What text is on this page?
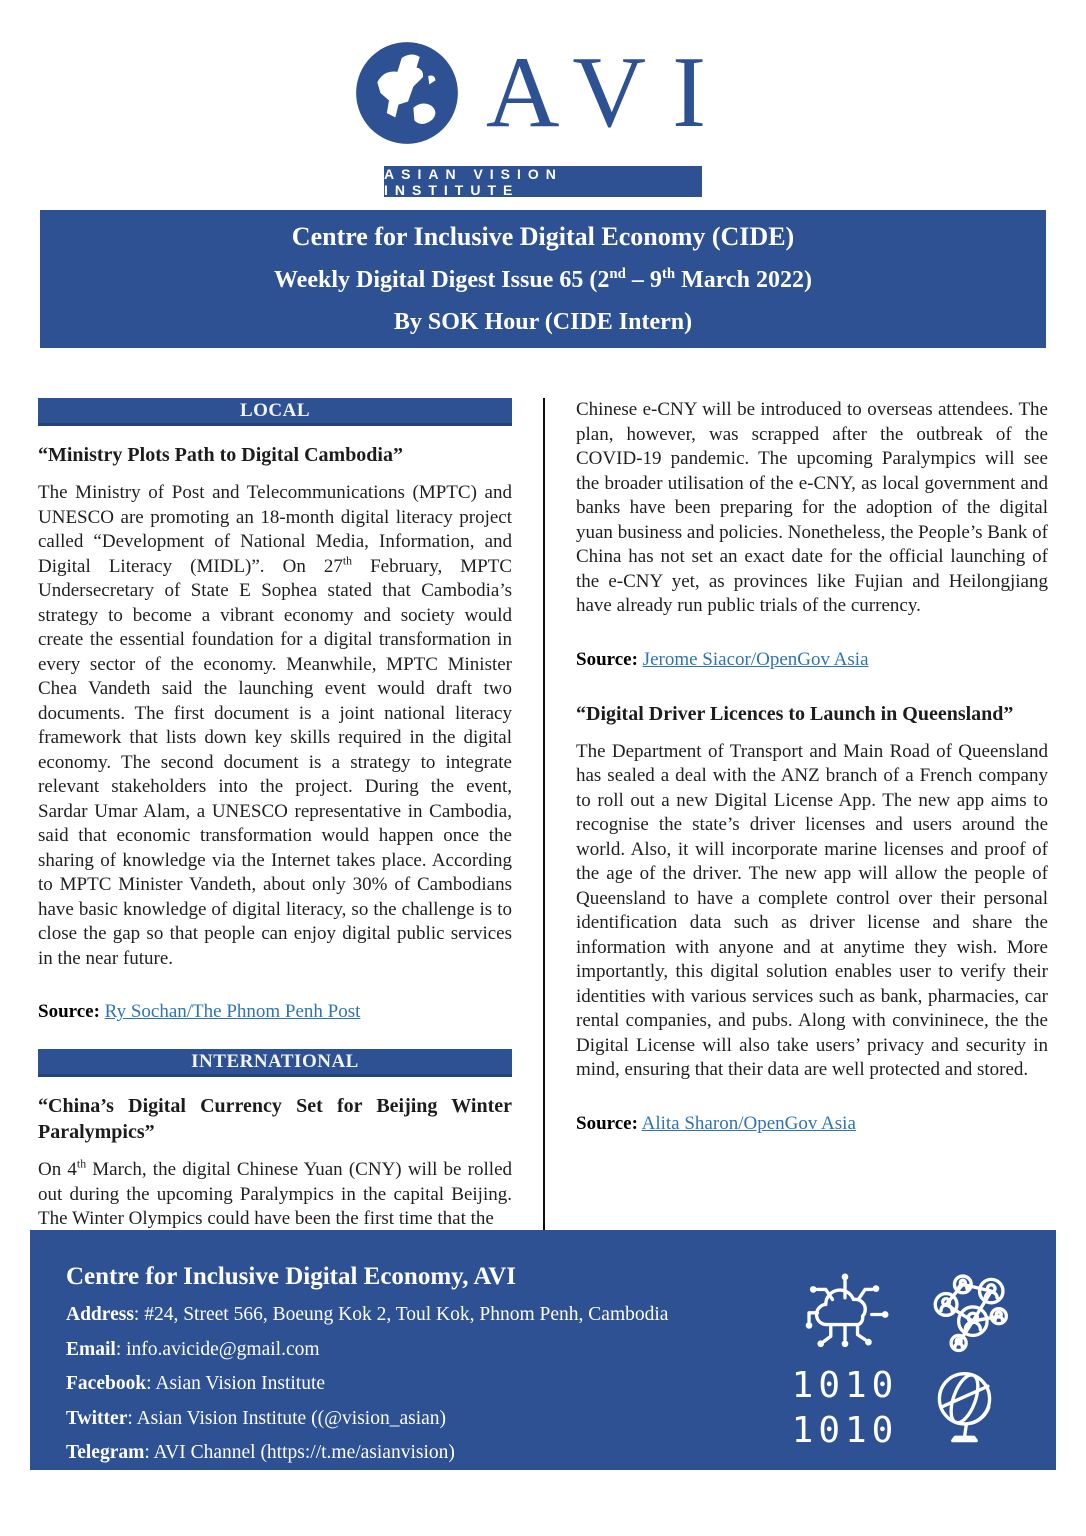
AVI
ASIAN VISION INSTITUTE
Centre for Inclusive Digital Economy (CIDE)
Weekly Digital Digest Issue 65 (2nd – 9th March 2022)
By SOK Hour (CIDE Intern)
LOCAL
“Ministry Plots Path to Digital Cambodia”
The Ministry of Post and Telecommunications (MPTC) and UNESCO are promoting an 18-month digital literacy project called “Development of National Media, Information, and Digital Literacy (MIDL)”. On 27th February, MPTC Undersecretary of State E Sophea stated that Cambodia’s strategy to become a vibrant economy and society would create the essential foundation for a digital transformation in every sector of the economy. Meanwhile, MPTC Minister Chea Vandeth said the launching event would draft two documents. The first document is a joint national literacy framework that lists down key skills required in the digital economy. The second document is a strategy to integrate relevant stakeholders into the project. During the event, Sardar Umar Alam, a UNESCO representative in Cambodia, said that economic transformation would happen once the sharing of knowledge via the Internet takes place. According to MPTC Minister Vandeth, about only 30% of Cambodians have basic knowledge of digital literacy, so the challenge is to close the gap so that people can enjoy digital public services in the near future.
Source: Ry Sochan/The Phnom Penh Post
INTERNATIONAL
“China’s Digital Currency Set for Beijing Winter Paralympics”
On 4th March, the digital Chinese Yuan (CNY) will be rolled out during the upcoming Paralympics in the capital Beijing. The Winter Olympics could have been the first time that the
Chinese e-CNY will be introduced to overseas attendees. The plan, however, was scrapped after the outbreak of the COVID-19 pandemic. The upcoming Paralympics will see the broader utilisation of the e-CNY, as local government and banks have been preparing for the adoption of the digital yuan business and policies. Nonetheless, the People’s Bank of China has not set an exact date for the official launching of the e-CNY yet, as provinces like Fujian and Heilongjiang have already run public trials of the currency.
Source: Jerome Siacor/OpenGov Asia
“Digital Driver Licences to Launch in Queensland”
The Department of Transport and Main Road of Queensland has sealed a deal with the ANZ branch of a French company to roll out a new Digital License App. The new app aims to recognise the state’s driver licenses and users around the world. Also, it will incorporate marine licenses and proof of the age of the driver. The new app will allow the people of Queensland to have a complete control over their personal identification data such as driver license and share the information with anyone and at anytime they wish. More importantly, this digital solution enables user to verify their identities with various services such as bank, pharmacies, car rental companies, and pubs. Along with convininece, the the Digital License will also take users’ privacy and security in mind, ensuring that their data are well protected and stored.
Source: Alita Sharon/OpenGov Asia
Centre for Inclusive Digital Economy, AVI
Address: #24, Street 566, Boeung Kok 2, Toul Kok, Phnom Penh, Cambodia
Email: info.avicide@gmail.com
Facebook: Asian Vision Institute
Twitter: Asian Vision Institute ((@vision_asian)
Telegram: AVI Channel (https://t.me/asianvision)
1010
1010
